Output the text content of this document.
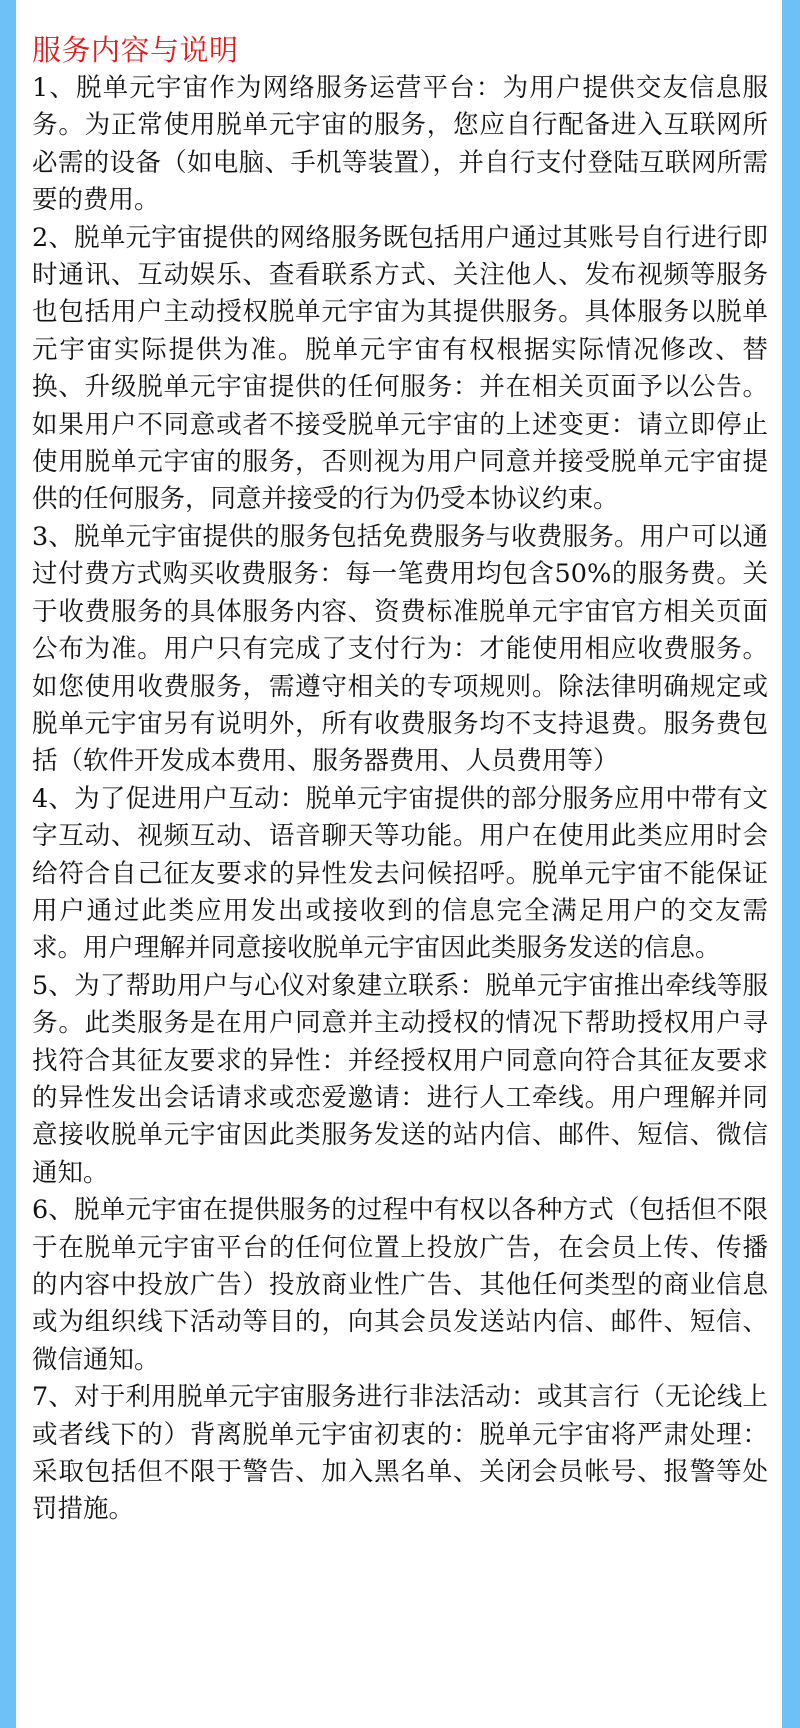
服务内容与说明

1、脱单元宇宙作为网络服务运营平台：为用户提供交友信息服务。为正常使用脱单元宇宙的服务，您应自行配备进入互联网所必需的设备（如电脑、手机等装置），并自行支付登陆互联网所需要的费用。

2、脱单元宇宙提供的网络服务既包括用户通过其账号自行进行即时通讯、互动娱乐、查看联系方式、关注他人、发布视频等服务也包括用户主动授权脱单元宇宙为其提供服务。具体服务以脱单元宇宙实际提供为准。脱单元宇宙有权根据实际情况修改、替换、升级脱单元宇宙提供的任何服务：并在相关页面予以公告。如果用户不同意或者不接受脱单元宇宙的上述变更：请立即停止使用脱单元宇宙的服务，否则视为用户同意并接受脱单元宇宙提供的任何服务，同意并接受的行为仍受本协议约束。

3、脱单元宇宙提供的服务包括免费服务与收费服务。用户可以通过付费方式购买收费服务：每一笔费用均包含50%的服务费。关于收费服务的具体服务内容、资费标准脱单元宇宙官方相关页面公布为准。用户只有完成了支付行为：才能使用相应收费服务。如您使用收费服务，需遵守相关的专项规则。除法律明确规定或脱单元宇宙另有说明外，所有收费服务均不支持退费。服务费包括（软件开发成本费用、服务器费用、人员费用等）

4、为了促进用户互动：脱单元宇宙提供的部分服务应用中带有文字互动、视频互动、语音聊天等功能。用户在使用此类应用时会给符合自己征友要求的异性发去问候招呼。脱单元宇宙不能保证用户通过此类应用发出或接收到的信息完全满足用户的交友需求。用户理解并同意接收脱单元宇宙因此类服务发送的信息。

5、为了帮助用户与心仪对象建立联系：脱单元宇宙推出牵线等服务。此类服务是在用户同意并主动授权的情况下帮助授权用户寻找符合其征友要求的异性：并经授权用户同意向符合其征友要求的异性发出会话请求或恋爱邀请：进行人工牵线。用户理解并同意接收脱单元宇宙因此类服务发送的站内信、邮件、短信、微信通知。

6、脱单元宇宙在提供服务的过程中有权以各种方式（包括但不限于在脱单元宇宙平台的任何位置上投放广告，在会员上传、传播的内容中投放广告）投放商业性广告、其他任何类型的商业信息或为组织线下活动等目的，向其会员发送站内信、邮件、短信、微信通知。

7、对于利用脱单元宇宙服务进行非法活动：或其言行（无论线上或者线下的）背离脱单元宇宙初衷的：脱单元宇宙将严肃处理：采取包括但不限于警告、加入黑名单、关闭会员帐号、报警等处罚措施。
